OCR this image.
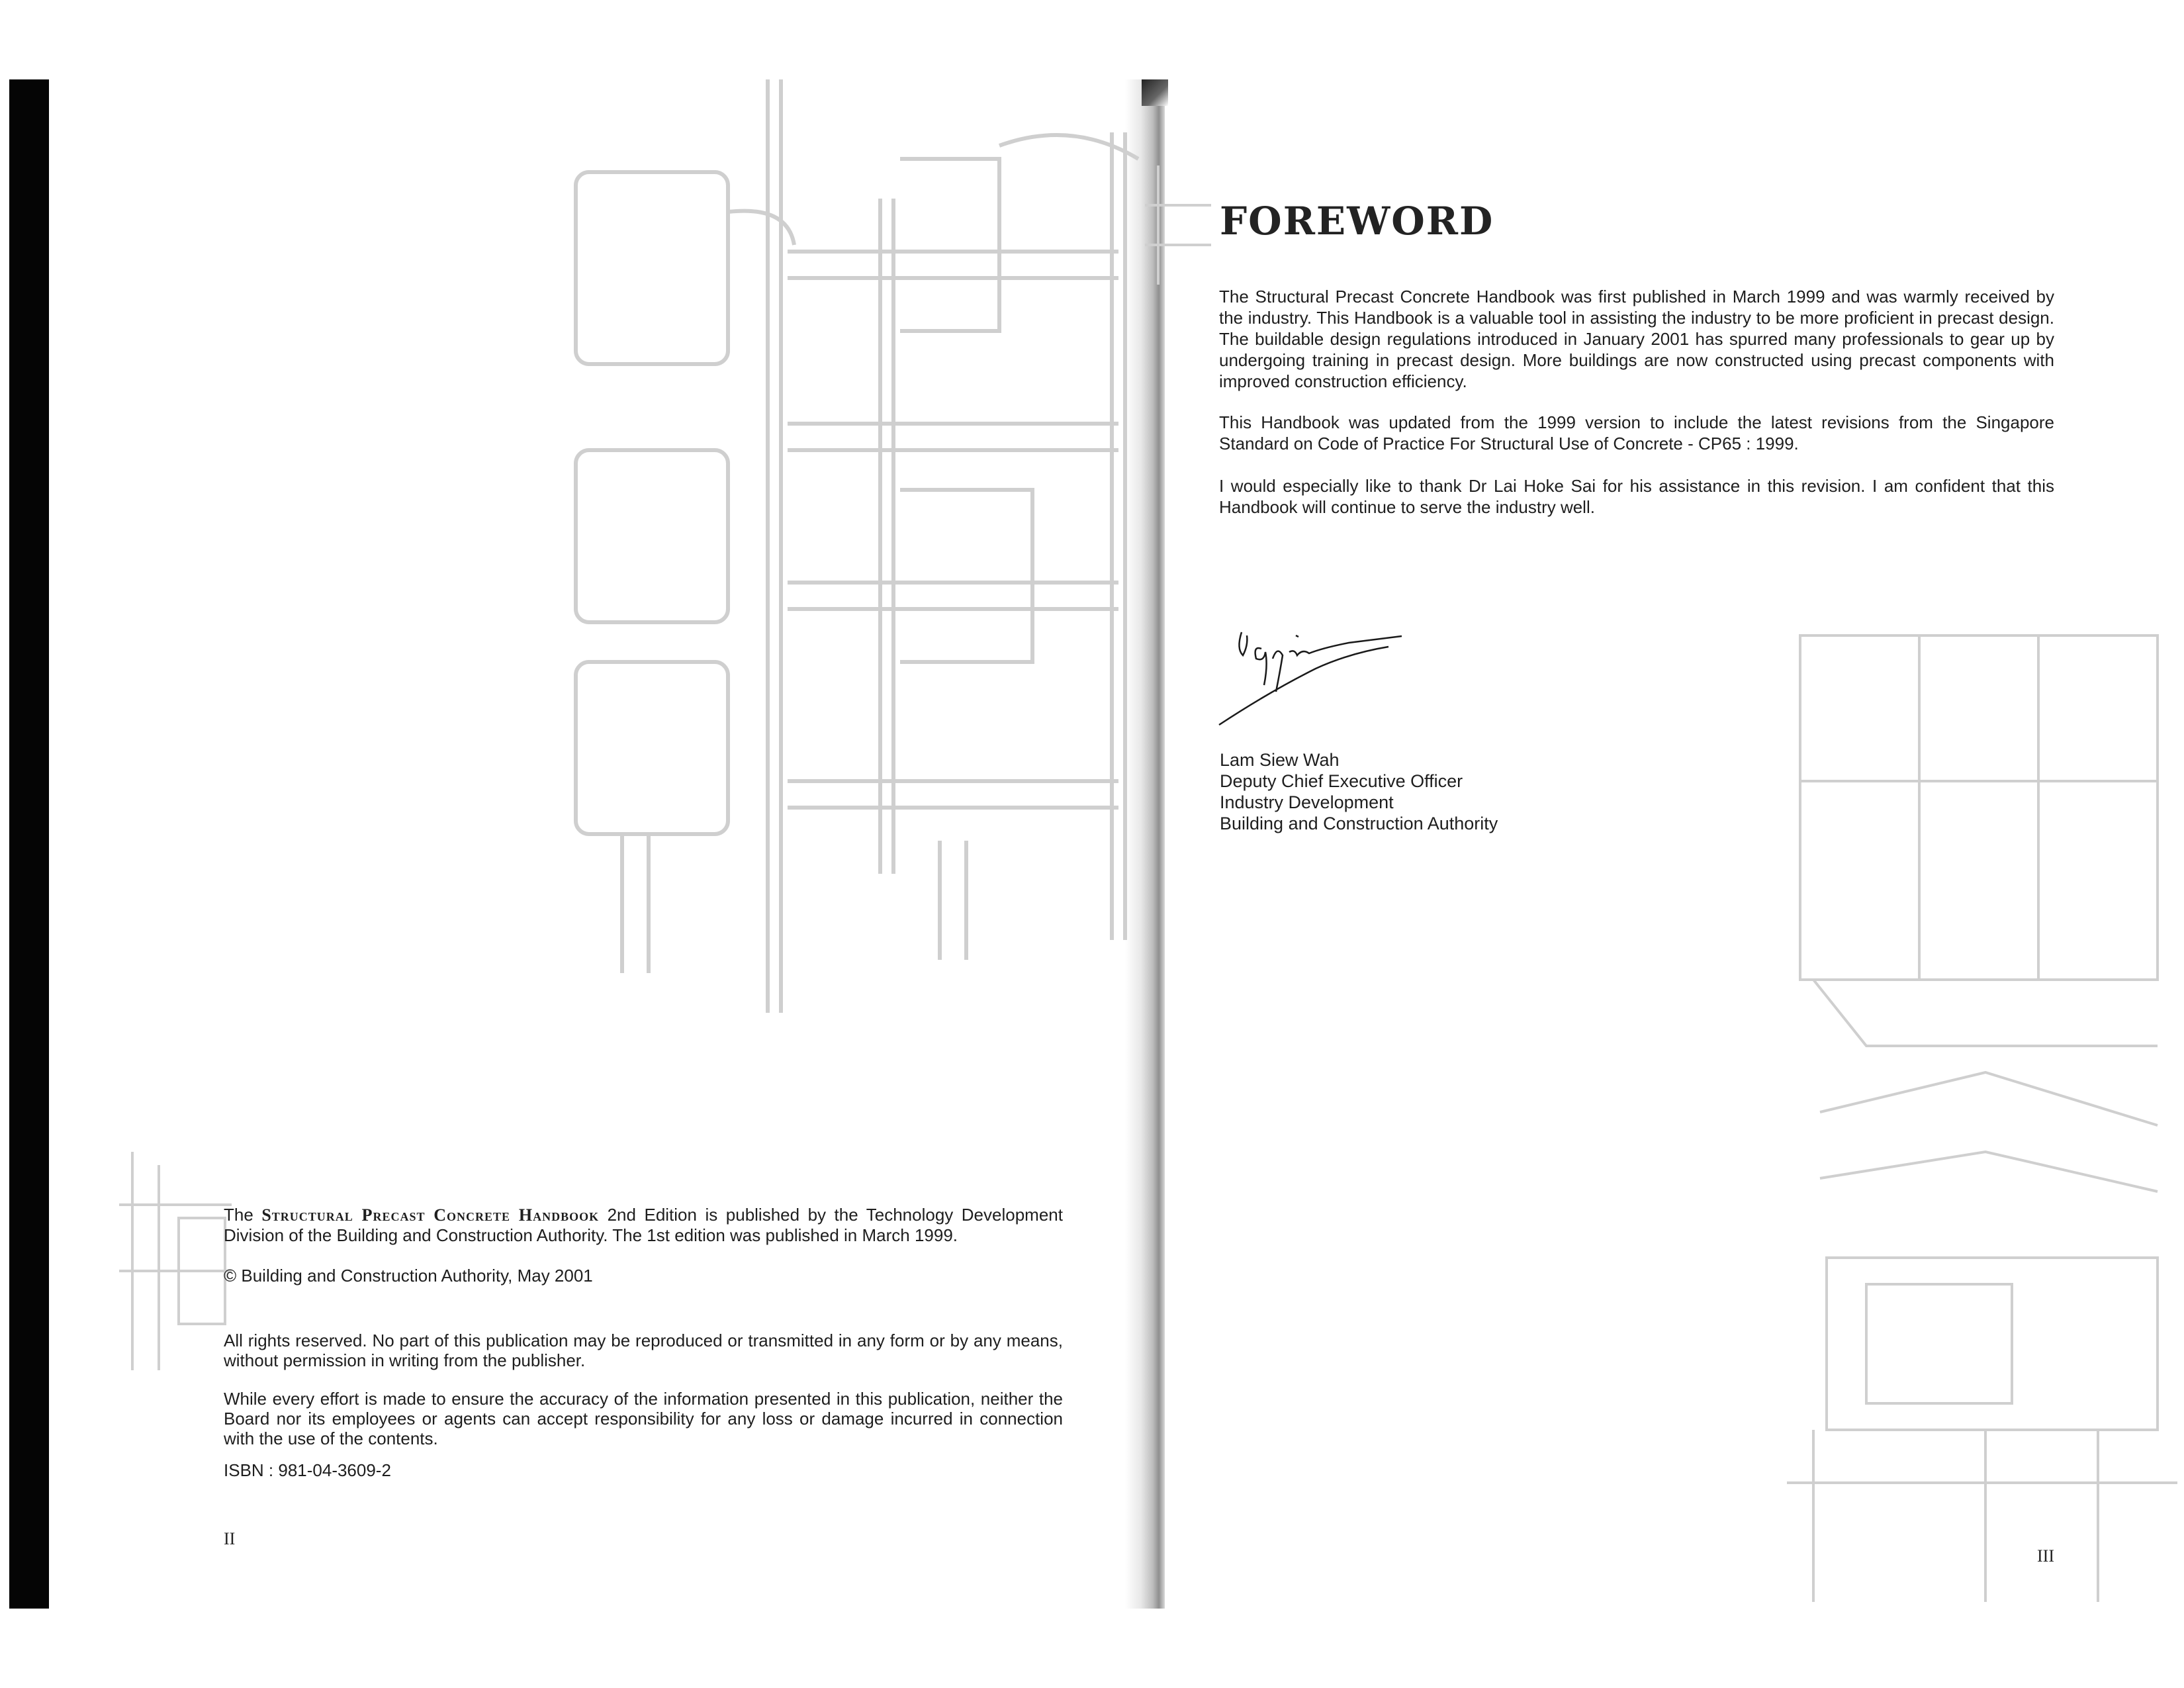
The Structural Precast Concrete Handbook 2nd Edition is published by the Technology Development Division of the Building and Construction Authority. The 1st edition was published in March 1999.

© Building and Construction Authority, May 2001

All rights reserved. No part of this publication may be reproduced or transmitted in any form or by any means, without permission in writing from the publisher.

While every effort is made to ensure the accuracy of the information presented in this publication, neither the Board nor its employees or agents can accept responsibility for any loss or damage incurred in connection with the use of the contents.

ISBN : 981-04-3609-2

II
FOREWORD

The Structural Precast Concrete Handbook was first published in March 1999 and was warmly received by the industry. This Handbook is a valuable tool in assisting the industry to be more proficient in precast design. The buildable design regulations introduced in January 2001 has spurred many professionals to gear up by undergoing training in precast design. More buildings are now constructed using precast components with improved construction efficiency.

This Handbook was updated from the 1999 version to include the latest revisions from the Singapore Standard on Code of Practice For Structural Use of Concrete - CP65 : 1999.

I would especially like to thank Dr Lai Hoke Sai for his assistance in this revision. I am confident that this Handbook will continue to serve the industry well.

Lam Siew Wah
Deputy Chief Executive Officer
Industry Development
Building and Construction Authority
III
